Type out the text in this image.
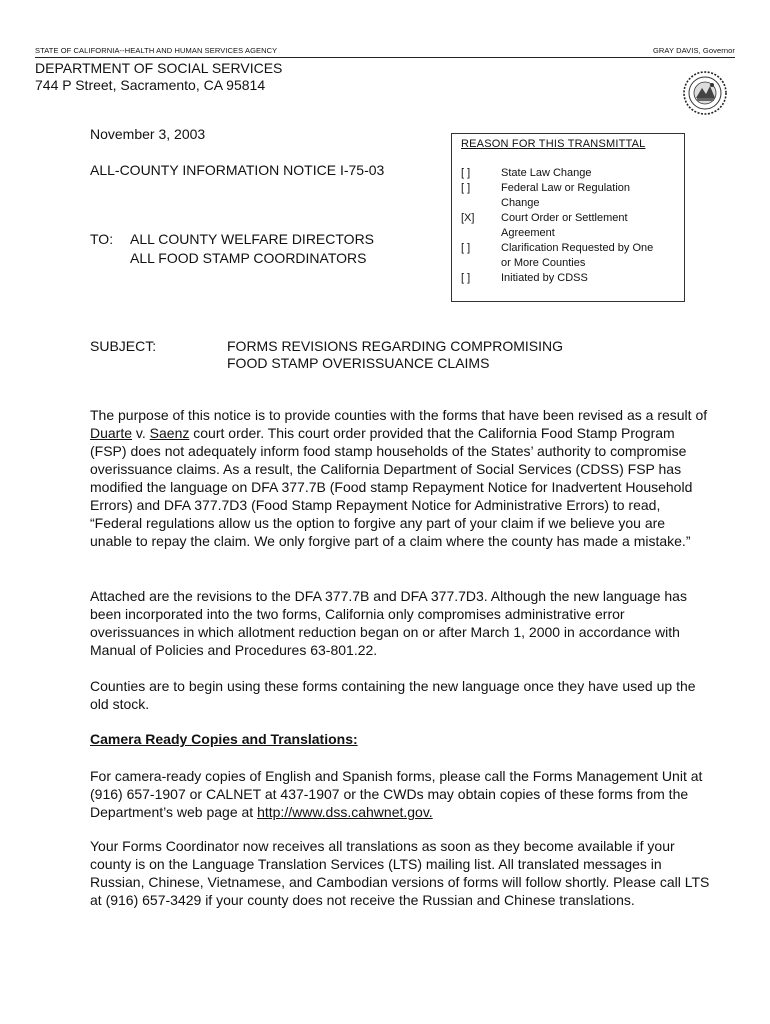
STATE OF CALIFORNIA--HEALTH AND HUMAN SERVICES AGENCY	GRAY DAVIS, Governor
DEPARTMENT OF SOCIAL SERVICES
744 P Street, Sacramento, CA 95814
November 3, 2003
ALL-COUNTY INFORMATION NOTICE I-75-03
TO: ALL COUNTY WELFARE DIRECTORS
ALL FOOD STAMP COORDINATORS
REASON FOR THIS TRANSMITTAL
[ ]	State Law Change
[ ]	Federal Law or Regulation
Change
[X]	Court Order or Settlement
Agreement
[ ]	Clarification Requested by One
or More Counties
[ ]	Initiated by CDSS
SUBJECT:	FORMS REVISIONS REGARDING COMPROMISING
FOOD STAMP OVERISSUANCE CLAIMS

The purpose of this notice is to provide counties with the forms that have been revised as a result of Duarte v. Saenz court order. This court order provided that the California Food Stamp Program (FSP) does not adequately inform food stamp households of the States’ authority to compromise overissuance claims. As a result, the California Department of Social Services (CDSS) FSP has modified the language on DFA 377.7B (Food stamp Repayment Notice for Inadvertent Household Errors) and DFA 377.7D3 (Food Stamp Repayment Notice for Administrative Errors) to read, “Federal regulations allow us the option to forgive any part of your claim if we believe you are unable to repay the claim. We only forgive part of a claim where the county has made a mistake.”

Attached are the revisions to the DFA 377.7B and DFA 377.7D3. Although the new language has been incorporated into the two forms, California only compromises administrative error overissuances in which allotment reduction began on or after March 1, 2000 in accordance with Manual of Policies and Procedures 63-801.22.

Counties are to begin using these forms containing the new language once they have used up the old stock.

Camera Ready Copies and Translations:

For camera-ready copies of English and Spanish forms, please call the Forms Management Unit at (916) 657-1907 or CALNET at 437-1907 or the CWDs may obtain copies of these forms from the Department’s web page at http://www.dss.cahwnet.gov.

Your Forms Coordinator now receives all translations as soon as they become available if your county is on the Language Translation Services (LTS) mailing list. All translated messages in Russian, Chinese, Vietnamese, and Cambodian versions of forms will follow shortly. Please call LTS at (916) 657-3429 if your county does not receive the Russian and Chinese translations.
